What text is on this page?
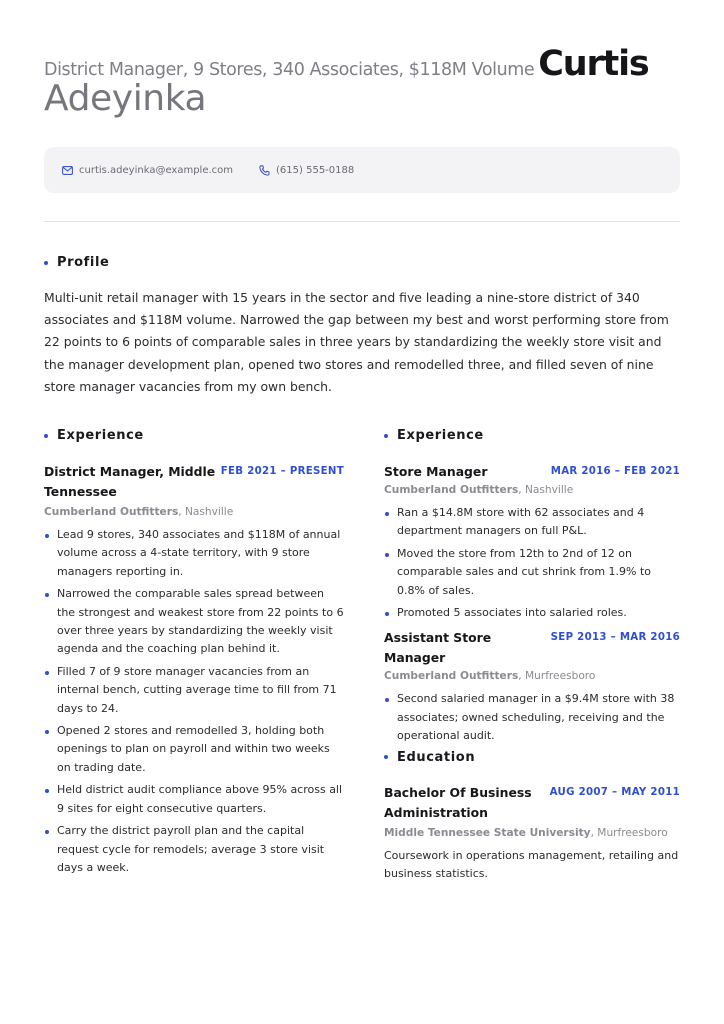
District Manager, 9 Stores, 340 Associates, $118M Volume Curtis
Adeyinka
curtis.adeyinka@example.com	(615) 555-0188
Profile
Multi-unit retail manager with 15 years in the sector and five leading a nine-store district of 340 associates and $118M volume. Narrowed the gap between my best and worst performing store from 22 points to 6 points of comparable sales in three years by standardizing the weekly store visit and the manager development plan, opened two stores and remodelled three, and filled seven of nine store manager vacancies from my own bench.
Experience
District Manager, Middle Tennessee
FEB 2021 – PRESENT
Cumberland Outfitters, Nashville
Lead 9 stores, 340 associates and $118M of annual volume across a 4-state territory, with 9 store managers reporting in.
Narrowed the comparable sales spread between the strongest and weakest store from 22 points to 6 over three years by standardizing the weekly visit agenda and the coaching plan behind it.
Filled 7 of 9 store manager vacancies from an internal bench, cutting average time to fill from 71 days to 24.
Opened 2 stores and remodelled 3, holding both openings to plan on payroll and within two weeks on trading date.
Held district audit compliance above 95% across all 9 sites for eight consecutive quarters.
Carry the district payroll plan and the capital request cycle for remodels; average 3 store visit days a week.
Experience
Store Manager	MAR 2016 – FEB 2021
Cumberland Outfitters, Nashville
Ran a $14.8M store with 62 associates and 4 department managers on full P&L.
Moved the store from 12th to 2nd of 12 on comparable sales and cut shrink from 1.9% to 0.8% of sales.
Promoted 5 associates into salaried roles.
Assistant Store Manager
SEP 2013 – MAR 2016
Cumberland Outfitters, Murfreesboro
Second salaried manager in a $9.4M store with 38 associates; owned scheduling, receiving and the operational audit.
Education
Bachelor Of Business Administration
AUG 2007 – MAY 2011
Middle Tennessee State University, Murfreesboro
Coursework in operations management, retailing and business statistics.
